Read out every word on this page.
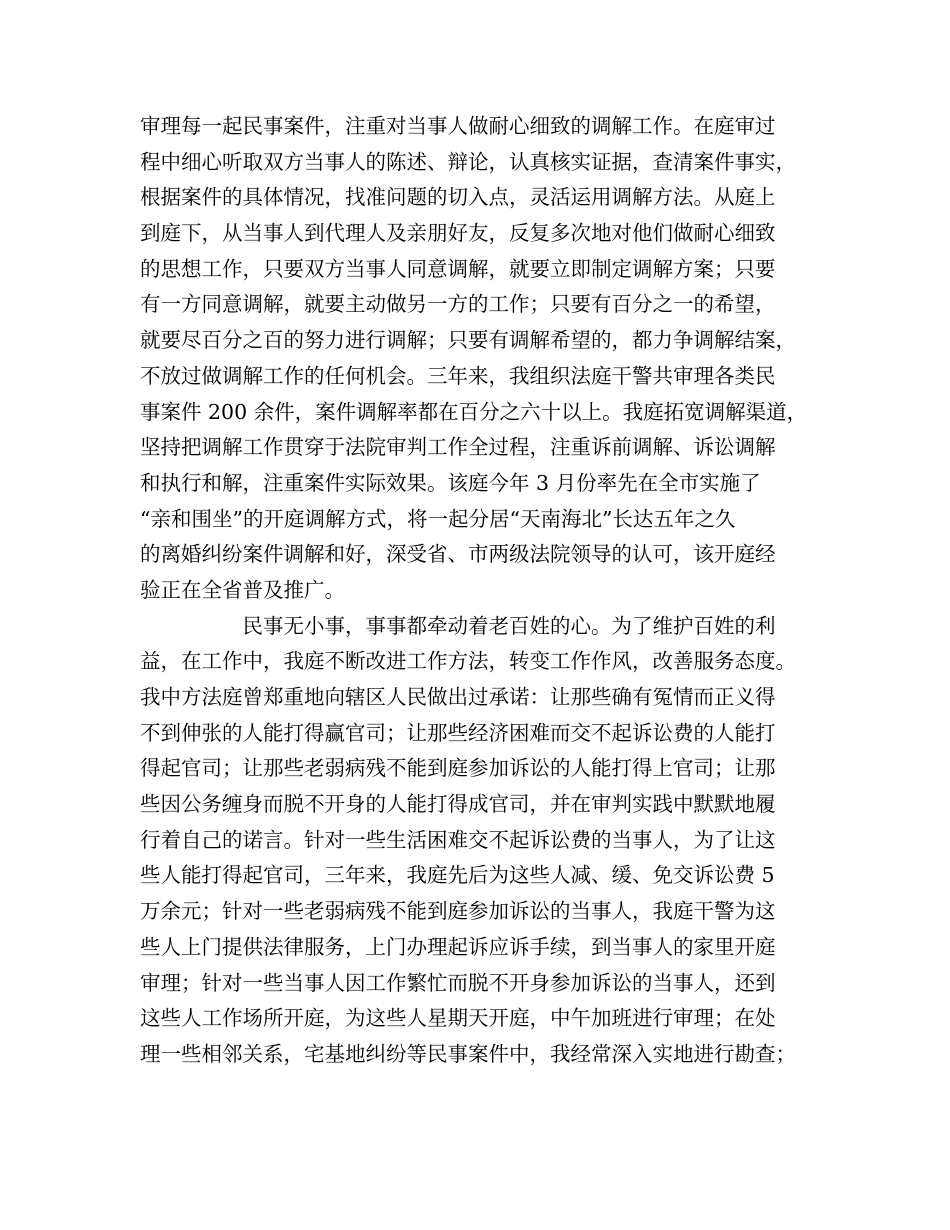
审理每一起民事案件，注重对当事人做耐心细致的调解工作。在庭审过
程中细心听取双方当事人的陈述、辩论，认真核实证据，查清案件事实，
根据案件的具体情况，找准问题的切入点，灵活运用调解方法。从庭上
到庭下，从当事人到代理人及亲朋好友，反复多次地对他们做耐心细致
的思想工作，只要双方当事人同意调解，就要立即制定调解方案；只要
有一方同意调解，就要主动做另一方的工作；只要有百分之一的希望，
就要尽百分之百的努力进行调解；只要有调解希望的，都力争调解结案，
不放过做调解工作的任何机会。三年来，我组织法庭干警共审理各类民
事案件 200 余件，案件调解率都在百分之六十以上。我庭拓宽调解渠道，
坚持把调解工作贯穿于法院审判工作全过程，注重诉前调解、诉讼调解
和执行和解，注重案件实际效果。该庭今年 3 月份率先在全市实施了
“亲和围坐”的开庭调解方式，将一起分居“天南海北”长达五年之久
的离婚纠纷案件调解和好，深受省、市两级法院领导的认可，该开庭经
验正在全省普及推广。
　　　　　民事无小事，事事都牵动着老百姓的心。为了维护百姓的利
益，在工作中，我庭不断改进工作方法，转变工作作风，改善服务态度。
我中方法庭曾郑重地向辖区人民做出过承诺：让那些确有冤情而正义得
不到伸张的人能打得赢官司；让那些经济困难而交不起诉讼费的人能打
得起官司；让那些老弱病残不能到庭参加诉讼的人能打得上官司；让那
些因公务缠身而脱不开身的人能打得成官司，并在审判实践中默默地履
行着自己的诺言。针对一些生活困难交不起诉讼费的当事人，为了让这
些人能打得起官司，三年来，我庭先后为这些人减、缓、免交诉讼费 5
万余元；针对一些老弱病残不能到庭参加诉讼的当事人，我庭干警为这
些人上门提供法律服务，上门办理起诉应诉手续，到当事人的家里开庭
审理；针对一些当事人因工作繁忙而脱不开身参加诉讼的当事人，还到
这些人工作场所开庭，为这些人星期天开庭，中午加班进行审理；在处
理一些相邻关系，宅基地纠纷等民事案件中，我经常深入实地进行勘查；
